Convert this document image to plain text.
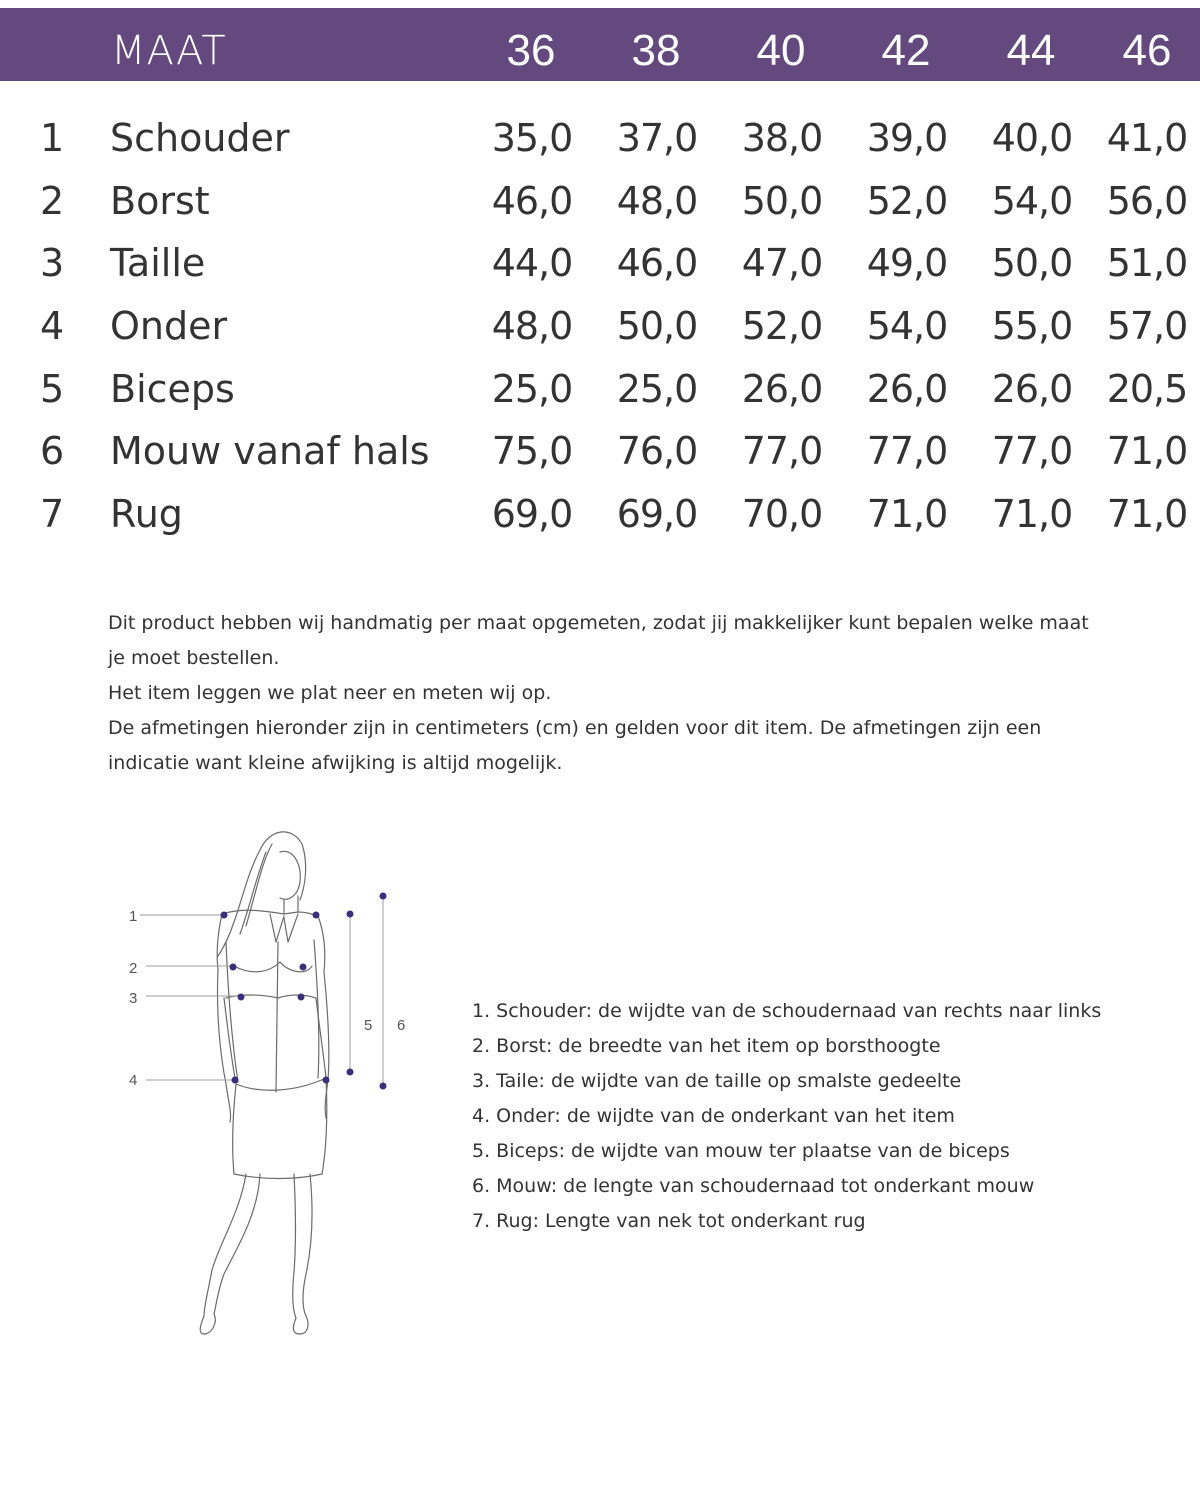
MAAT	36	38	40	42	44	46
1 Schouder	35,0	37,0	38,0	39,0	40,0 41,0
2 Borst	46,0	48,0	50,0	52,0	54,0 56,0
3 Taille	44,0	46,0	47,0	49,0	50,0 51,0
4 Onder	48,0	50,0	52,0	54,0	55,0 57,0
5 Biceps	25,0	25,0	26,0	26,0	26,0 20,5
6 Mouw vanaf hals	75,0	76,0	77,0	77,0	77,0 71,0
7 Rug	69,0	69,0	70,0	71,0	71,0 71,0

Dit product hebben wij handmatig per maat opgemeten, zodat jij makkelijker kunt bepalen welke maat je moet bestellen.

Het item leggen we plat neer en meten wij op.

De afmetingen hieronder zijn in centimeters (cm) en gelden voor dit item. De afmetingen zijn een indicatie want kleine afwijking is altijd mogelijk.

1
2
3
4
5 6

1. Schouder: de wijdte van de schoudernaad van rechts naar links

2. Borst: de breedte van het item op borsthoogte

3. Taile: de wijdte van de taille op smalste gedeelte

4. Onder: de wijdte van de onderkant van het item

5. Biceps: de wijdte van mouw ter plaatse van de biceps

6. Mouw: de lengte van schoudernaad tot onderkant mouw

7. Rug: Lengte van nek tot onderkant rug
